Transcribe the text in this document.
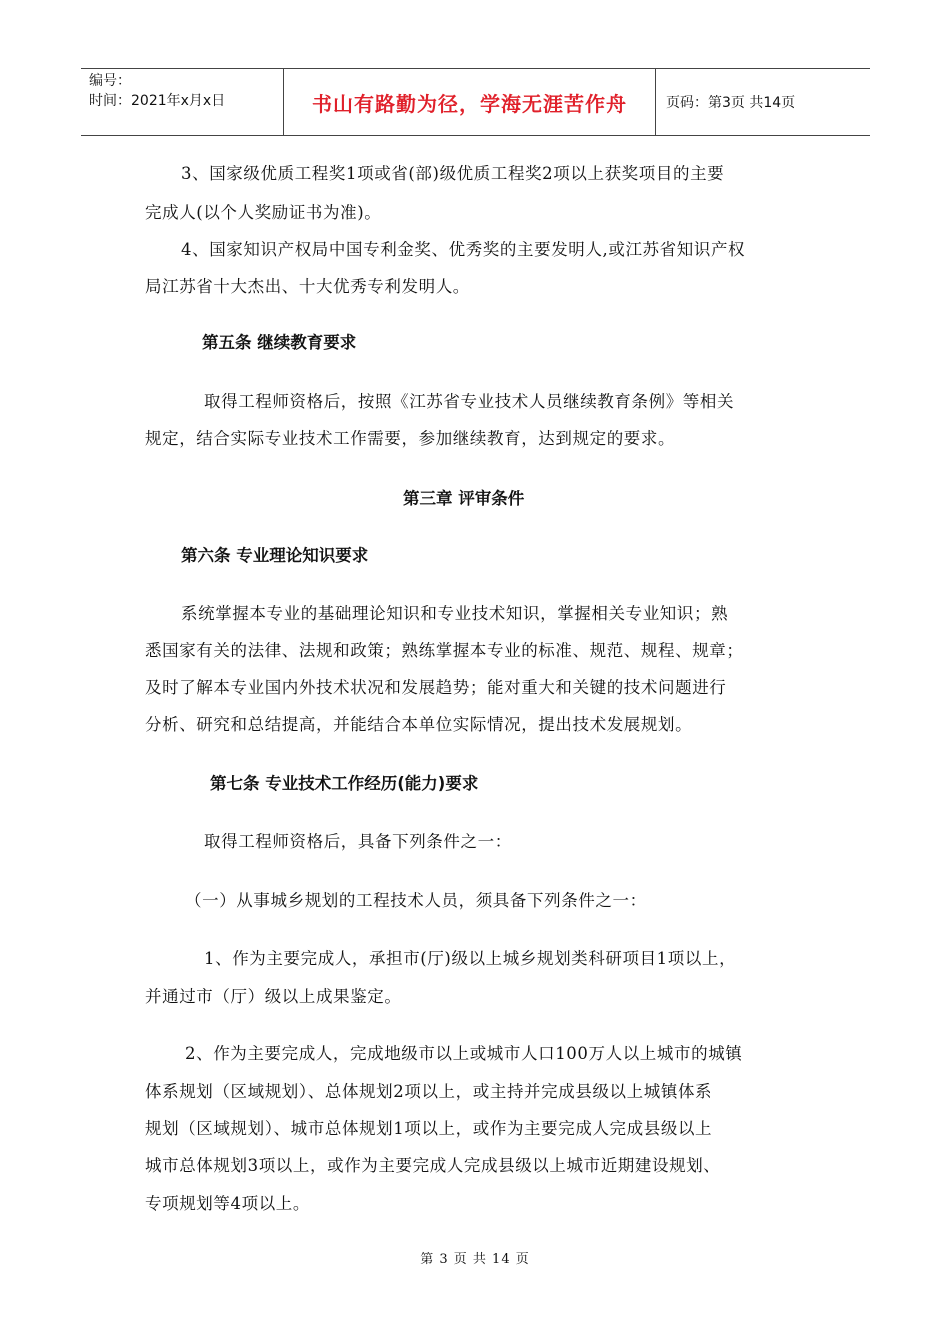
编号：
时间：2021年x月x日	书山有路勤为径，学海无涯苦作舟	页码：第3页 共14页
3、国家级优质工程奖1项或省(部)级优质工程奖2项以上获奖项目的主要
完成人(以个人奖励证书为准)。
4、国家知识产权局中国专利金奖、优秀奖的主要发明人,或江苏省知识产权
局江苏省十大杰出、十大优秀专利发明人。
第五条 继续教育要求
取得工程师资格后，按照《江苏省专业技术人员继续教育条例》等相关
规定，结合实际专业技术工作需要，参加继续教育，达到规定的要求。
第三章 评审条件
第六条 专业理论知识要求
系统掌握本专业的基础理论知识和专业技术知识，掌握相关专业知识；熟
悉国家有关的法律、法规和政策；熟练掌握本专业的标准、规范、规程、规章；
及时了解本专业国内外技术状况和发展趋势；能对重大和关键的技术问题进行
分析、研究和总结提高，并能结合本单位实际情况，提出技术发展规划。
第七条 专业技术工作经历(能力)要求
取得工程师资格后，具备下列条件之一：
（一）从事城乡规划的工程技术人员，须具备下列条件之一：
1、作为主要完成人，承担市(厅)级以上城乡规划类科研项目1项以上，
并通过市（厅）级以上成果鉴定。
2、作为主要完成人，完成地级市以上或城市人口100万人以上城市的城镇
体系规划（区域规划）、总体规划2项以上，或主持并完成县级以上城镇体系
规划（区域规划）、城市总体规划1项以上，或作为主要完成人完成县级以上
城市总体规划3项以上，或作为主要完成人完成县级以上城市近期建设规划、
专项规划等4项以上。
第 3 页 共 14 页
